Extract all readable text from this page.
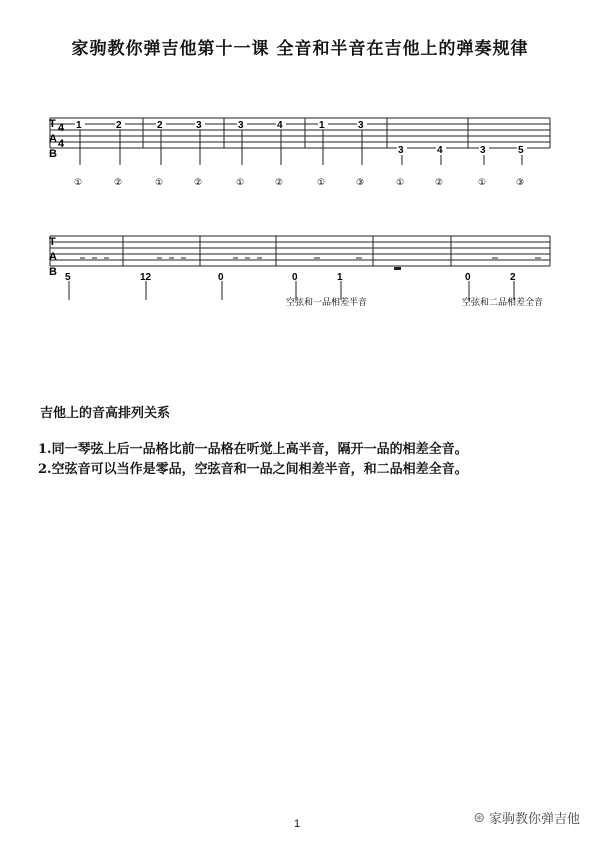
家驹教你弹吉他第十一课 全音和半音在吉他上的弹奏规律
T
A
B
4
4
1	2	2	3	3	4	1	3
3	4	3	5
①	②	①	②	①	②	①	③	①	②	①	③
T
A
B 5	12	0	0	1	0	2
空弦和一品相差半音	空弦和二品相差全音
吉他上的音高排列关系
1.同一琴弦上后一品格比前一品格在听觉上高半音，隔开一品的相差全音。
2.空弦音可以当作是零品，空弦音和一品之间相差半音，和二品相差全音。
1	⊛ 家驹教你弹吉他
